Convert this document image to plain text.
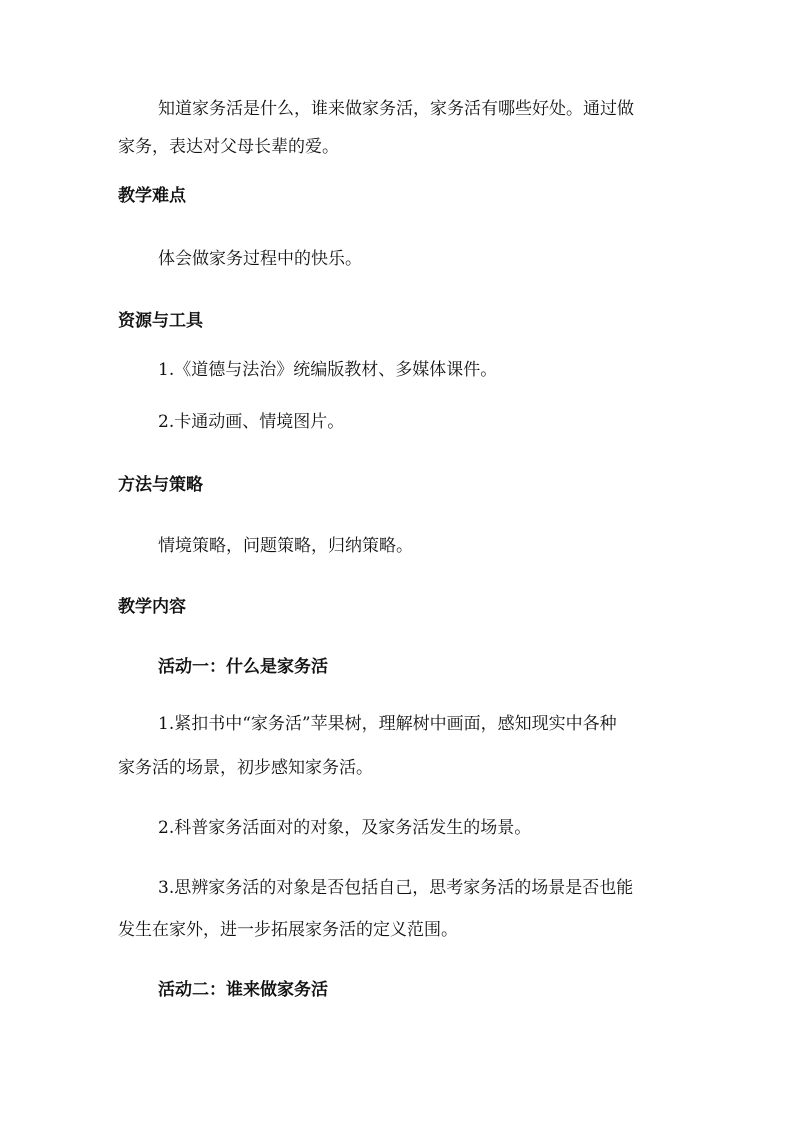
知道家务活是什么，谁来做家务活，家务活有哪些好处。通过做
家务，表达对父母长辈的爱。
教学难点
体会做家务过程中的快乐。
资源与工具
1.《道德与法治》统编版教材、多媒体课件。
2.卡通动画、情境图片。
方法与策略
情境策略，问题策略，归纳策略。
教学内容
活动一：什么是家务活
1.紧扣书中“家务活”苹果树，理解树中画面，感知现实中各种
家务活的场景，初步感知家务活。
2.科普家务活面对的对象，及家务活发生的场景。
3.思辨家务活的对象是否包括自己，思考家务活的场景是否也能
发生在家外，进一步拓展家务活的定义范围。
活动二：谁来做家务活
